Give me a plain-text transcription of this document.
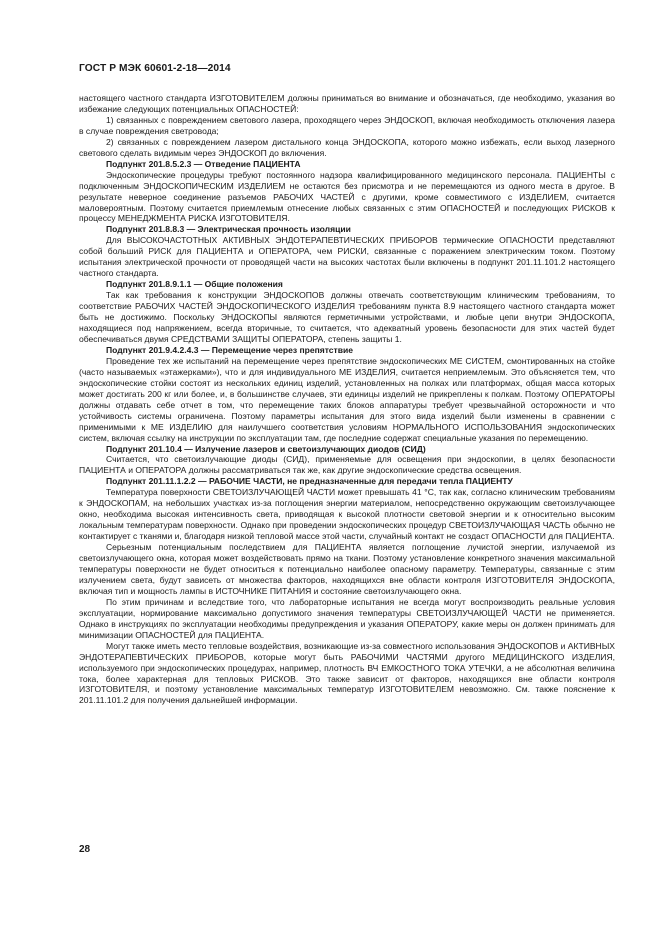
ГОСТ Р МЭК 60601-2-18—2014

настоящего частного стандарта ИЗГОТОВИТЕЛЕМ должны приниматься во внимание и обозначаться, где необходимо, указания во избежание следующих потенциальных ОПАСНОСТЕЙ:

1) связанных с повреждением светового лазера, проходящего через ЭНДОСКОП, включая необходимость отключения лазера в случае повреждения светровода;

2) связанных с повреждением лазером дистального конца ЭНДОСКОПА, которого можно избежать, если выход лазерного светового сделать видимым через ЭНДОСКОП до включения.

Подпункт 201.8.5.2.3 — Отведение ПАЦИЕНТА

Эндоскопические процедуры требуют постоянного надзора квалифицированного медицинского персонала. ПАЦИЕНТЫ с подключенным ЭНДОСКОПИЧЕСКИМ ИЗДЕЛИЕМ не остаются без присмотра и не перемещаются из одного места в другое. В результате неверное соединение разъемов РАБОЧИХ ЧАСТЕЙ с другими, кроме совместимого с ИЗДЕЛИЕМ, считается маловероятным. Поэтому считается приемлемым отнесение любых связанных с этим ОПАСНОСТЕЙ и последующих РИСКОВ к процессу МЕНЕДЖМЕНТА РИСКА ИЗГОТОВИТЕЛЯ.

Подпункт 201.8.8.3 — Электрическая прочность изоляции

Для ВЫСОКОЧАСТОТНЫХ АКТИВНЫХ ЭНДОТЕРАПЕВТИЧЕСКИХ ПРИБОРОВ термические ОПАСНОСТИ представляют собой больший РИСК для ПАЦИЕНТА и ОПЕРАТОРА, чем РИСКИ, связанные с поражением электрическим током. Поэтому испытания электрической прочности от проводящей части на высоких частотах были включены в подпункт 201.11.101.2 настоящего частного стандарта.

Подпункт 201.8.9.1.1 — Общие положения

Так как требования к конструкции ЭНДОСКОПОВ должны отвечать соответствующим клиническим требованиям, то соответствие РАБОЧИХ ЧАСТЕЙ ЭНДОСКОПИЧЕСКОГО ИЗДЕЛИЯ требованиям пункта 8.9 настоящего частного стандарта может быть не достижимо. Поскольку ЭНДОСКОПЫ являются герметичными устройствами, и любые цепи внутри ЭНДОСКОПА, находящиеся под напряжением, всегда вторичные, то считается, что адекватный уровень безопасности для этих частей будет обеспечиваться двумя СРЕДСТВАМИ ЗАЩИТЫ ОПЕРАТОРА, степень защиты 1.

Подпункт 201.9.4.2.4.3 — Перемещение через препятствие

Проведение тех же испытаний на перемещение через препятствие эндоскопических МЕ СИСТЕМ, смонтированных на стойке (часто называемых «этажерками»), что и для индивидуального МЕ ИЗДЕЛИЯ, считается неприемлемым. Это объясняется тем, что эндоскопические стойки состоят из нескольких единиц изделий, установленных на полках или платформах, общая масса которых может достигать 200 кг или более, и, в большинстве случаев, эти единицы изделий не прикреплены к полкам. Поэтому ОПЕРАТОРЫ должны отдавать себе отчет в том, что перемещение таких блоков аппаратуры требует чрезвычайной осторожности и что устойчивость системы ограничена. Поэтому параметры испытания для этого вида изделий были изменены в сравнении с применимыми к МЕ ИЗДЕЛИЮ для наилучшего соответствия условиям НОРМАЛЬНОГО ИСПОЛЬЗОВАНИЯ эндоскопических систем, включая ссылку на инструкции по эксплуатации там, где последние содержат специальные указания по перемещению.

Подпункт 201.10.4 — Излучение лазеров и светоизлучающих диодов (СИД)

Считается, что светоизлучающие диоды (СИД), применяемые для освещения при эндоскопии, в целях безопасности ПАЦИЕНТА и ОПЕРАТОРА должны рассматриваться так же, как другие эндоскопические средства освещения.

Подпункт 201.11.1.2.2 — РАБОЧИЕ ЧАСТИ, не предназначенные для передачи тепла ПАЦИЕНТУ

Температура поверхности СВЕТОИЗЛУЧАЮЩЕЙ ЧАСТИ может превышать 41 °C, так как, согласно клиническим требованиям к ЭНДОСКОПАМ, на небольших участках из-за поглощения энергии материалом, непосредственно окружающим светоизлучающее окно, необходима высокая интенсивность света, приводящая к высокой плотности световой энергии и к относительно высоким локальным температурам поверхности. Однако при проведении эндоскопических процедур СВЕТОИЗЛУЧАЮЩАЯ ЧАСТЬ обычно не контактирует с тканями и, благодаря низкой тепловой массе этой части, случайный контакт не создаст ОПАСНОСТИ для ПАЦИЕНТА.

Серьезным потенциальным последствием для ПАЦИЕНТА является поглощение лучистой энергии, излучаемой из светоизлучающего окна, которая может воздействовать прямо на ткани. Поэтому установление конкретного значения максимальной температуры поверхности не будет относиться к потенциально наиболее опасному параметру. Температуры, связанные с этим излучением света, будут зависеть от множества факторов, находящихся вне области контроля ИЗГОТОВИТЕЛЯ ЭНДОСКОПА, включая тип и мощность лампы в ИСТОЧНИКЕ ПИТАНИЯ и состояние светоизлучающего окна.

По этим причинам и вследствие того, что лабораторные испытания не всегда могут воспроизводить реальные условия эксплуатации, нормирование максимально допустимого значения температуры СВЕТОИЗЛУЧАЮЩЕЙ ЧАСТИ не применяется. Однако в инструкциях по эксплуатации необходимы предупреждения и указания ОПЕРАТОРУ, какие меры он должен принимать для минимизации ОПАСНОСТЕЙ для ПАЦИЕНТА.

Могут также иметь место тепловые воздействия, возникающие из-за совместного использования ЭНДОСКОПОВ и АКТИВНЫХ ЭНДОТЕРАПЕВТИЧЕСКИХ ПРИБОРОВ, которые могут быть РАБОЧИМИ ЧАСТЯМИ другого МЕДИЦИНСКОГО ИЗДЕЛИЯ, используемого при эндоскопических процедурах, например, плотность ВЧ ЕМКОСТНОГО ТОКА УТЕЧКИ, а не абсолютная величина тока, более характерная для тепловых РИСКОВ. Это также зависит от факторов, находящихся вне области контроля ИЗГОТОВИТЕЛЯ, и поэтому установление максимальных температур ИЗГОТОВИТЕЛЕМ невозможно. См. также пояснение к 201.11.101.2 для получения дальнейшей информации.

28
